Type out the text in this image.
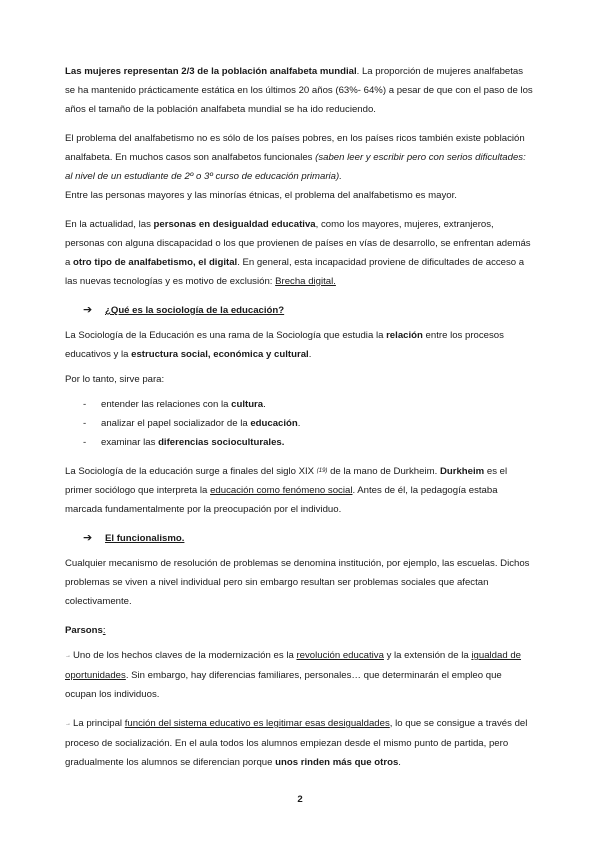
Las mujeres representan 2/3 de la población analfabeta mundial. La proporción de mujeres analfabetas se ha mantenido prácticamente estática en los últimos 20 años (63%- 64%) a pesar de que con el paso de los años el tamaño de la población analfabeta mundial se ha ido reduciendo.

El problema del analfabetismo no es sólo de los países pobres, en los países ricos también existe población analfabeta. En muchos casos son analfabetos funcionales (saben leer y escribir pero con serios dificultades: al nivel de un estudiante de 2º o 3º curso de educación primaria).

Entre las personas mayores y las minorías étnicas, el problema del analfabetismo es mayor.

En la actualidad, las personas en desigualdad educativa, como los mayores, mujeres, extranjeros, personas con alguna discapacidad o los que provienen de países en vías de desarrollo, se enfrentan además a otro tipo de analfabetismo, el digital. En general, esta incapacidad proviene de dificultades de acceso a las nuevas tecnologías y es motivo de exclusión: Brecha digital.

➔	¿Qué es la sociología de la educación?

La Sociología de la Educación es una rama de la Sociología que estudia la relación entre los procesos educativos y la estructura social, económica y cultural.

Por lo tanto, sirve para:

-	entender las relaciones con la cultura.
-	analizar el papel socializador de la educación.
-	examinar las diferencias socioculturales.

La Sociología de la educación surge a finales del siglo XIX $^{(19)}$ de la mano de Durkheim. Durkheim es el primer sociólogo que interpreta la educación como fenómeno social. Antes de él, la pedagogía estaba marcada fundamentalmente por la preocupación por el individuo.

➔	El funcionalismo.

Cualquier mecanismo de resolución de problemas se denomina institución, por ejemplo, las escuelas. Dichos problemas se viven a nivel individual pero sin embargo resultan ser problemas sociales que afectan colectivamente.

Parsons:

→ Uno de los hechos claves de la modernización es la revolución educativa y la extensión de la igualdad de oportunidades. Sin embargo, hay diferencias familiares, personales… que determinarán el empleo que ocupan los individuos.

→ La principal función del sistema educativo es legitimar esas desigualdades, lo que se consigue a través del proceso de socialización. En el aula todos los alumnos empiezan desde el mismo punto de partida, pero gradualmente los alumnos se diferencian porque unos rinden más que otros.

2
